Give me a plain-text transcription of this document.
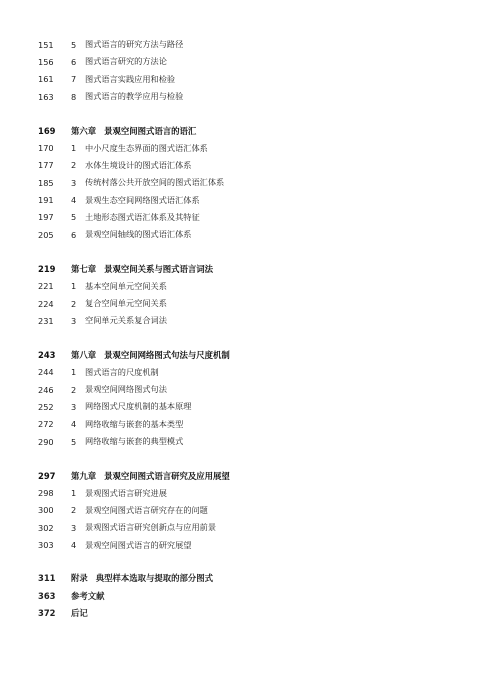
151	5	图式语言的研究方法与路径
156	6	图式语言研究的方法论
161	7	图式语言实践应用和检验
163	8	图式语言的教学应用与检验
169	第六章 景观空间图式语言的语汇
170	1	中小尺度生态界面的图式语汇体系
177	2	水体生境设计的图式语汇体系
185	3	传统村落公共开放空间的图式语汇体系
191	4	景观生态空间网络图式语汇体系
197	5	土地形态图式语汇体系及其特征
205	6	景观空间轴线的图式语汇体系
219	第七章 景观空间关系与图式语言词法
221	1	基本空间单元空间关系
224	2	复合空间单元空间关系
231	3	空间单元关系复合词法
243	第八章 景观空间网络图式句法与尺度机制
244	1	图式语言的尺度机制
246	2	景观空间网络图式句法
252	3	网络图式尺度机制的基本原理
272	4	网络收缩与嵌套的基本类型
290	5	网络收缩与嵌套的典型模式
297	第九章 景观空间图式语言研究及应用展望
298	1	景观图式语言研究进展
300	2	景观空间图式语言研究存在的问题
302	3	景观图式语言研究创新点与应用前景
303	4	景观空间图式语言的研究展望
311	附录 典型样本选取与提取的部分图式
363	参考文献
372	后记
